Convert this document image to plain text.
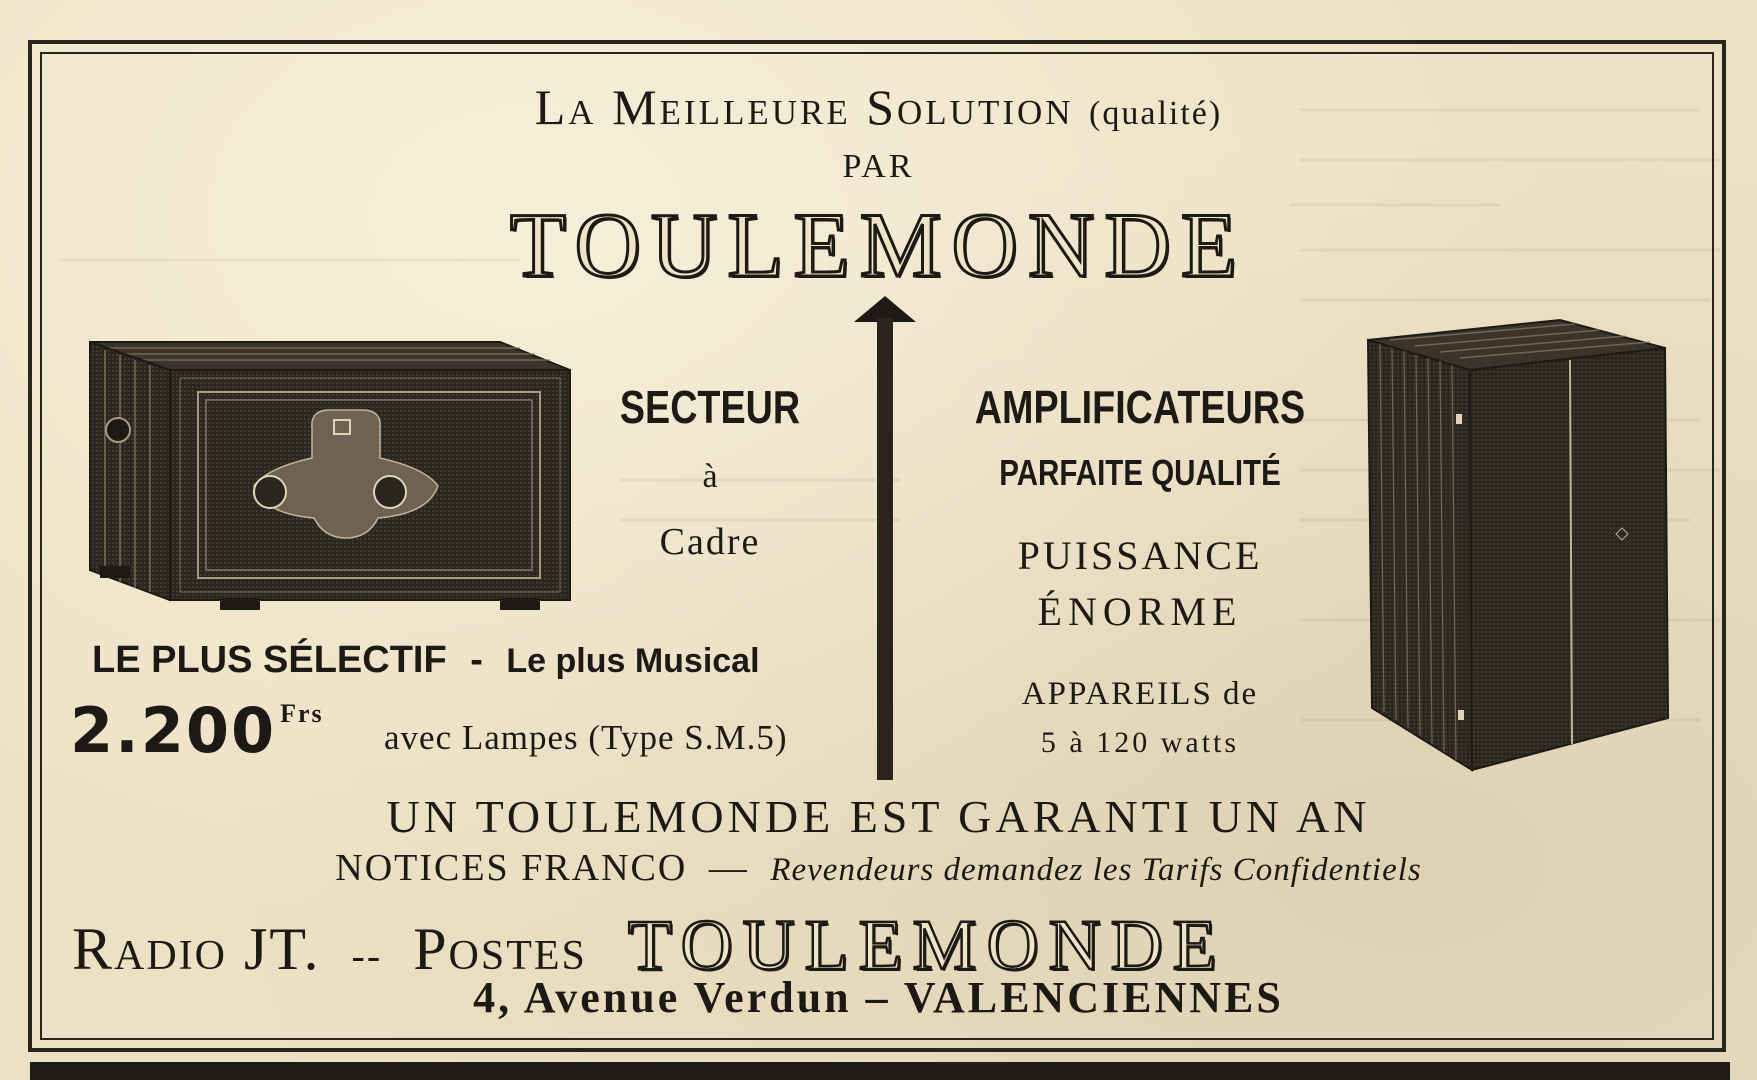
La Meilleure Solution (qualité)
PAR
TOULEMONDE
SECTEUR
à
Cadre
AMPLIFICATEURS
PARFAITE QUALITÉ
PUISSANCE
ÉNORME
APPAREILS de
5 à 120 watts
LE PLUS SÉLECTIF - Le plus Musical
2.200 $^{Frs}$
avec Lampes (Type S.M.5)
UN TOULEMONDE EST GARANTI UN AN
NOTICES FRANCO — Revendeurs demandez les Tarifs Confidentiels
Radio JT. -- Postes TOULEMONDE
4, Avenue Verdun – VALENCIENNES
